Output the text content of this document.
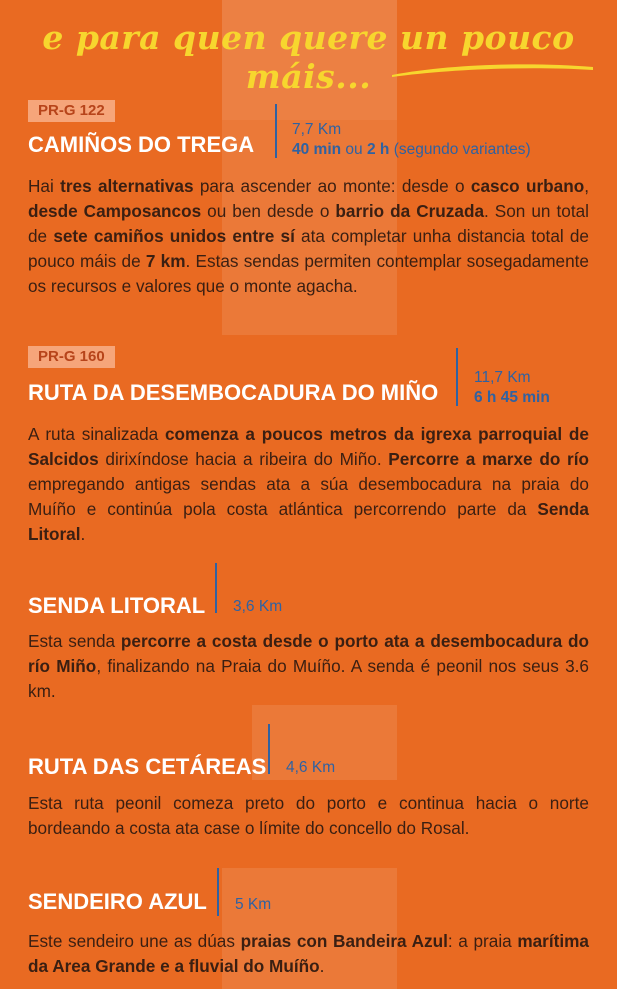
e para quen quere un pouco máis...
PR-G 122
CAMIÑOS DO TREGA
7,7 Km
40 min ou 2 h (segundo variantes)
Hai tres alternativas para ascender ao monte: desde o casco urbano, desde Camposancos ou ben desde o barrio da Cruzada. Son un total de sete camiños unidos entre sí ata completar unha distancia total de pouco máis de 7 km. Estas sendas permiten contemplar sosegadamente os recursos e valores que o monte agacha.
PR-G 160
RUTA DA DESEMBOCADURA DO MIÑO
11,7 Km
6 h 45 min
A ruta sinalizada comenza a poucos metros da igrexa parroquial de Salcidos dirixíndose hacia a ribeira do Miño. Percorre a marxe do río empregando antigas sendas ata a súa desembocadura na praia do Muíño e continúa pola costa atlántica percorrendo parte da Senda Litoral.
SENDA LITORAL 3,6 Km
Esta senda percorre a costa desde o porto ata a desembocadura do río Miño, finalizando na Praia do Muíño. A senda é peonil nos seus 3.6 km.
RUTA DAS CETÁREAS 4,6 Km
Esta ruta peonil comeza preto do porto e continua hacia o norte bordeando a costa ata case o límite do concello do Rosal.
SENDEIRO AZUL 5 Km
Este sendeiro une as dúas praias con Bandeira Azul: a praia marítima da Area Grande e a fluvial do Muíño.
